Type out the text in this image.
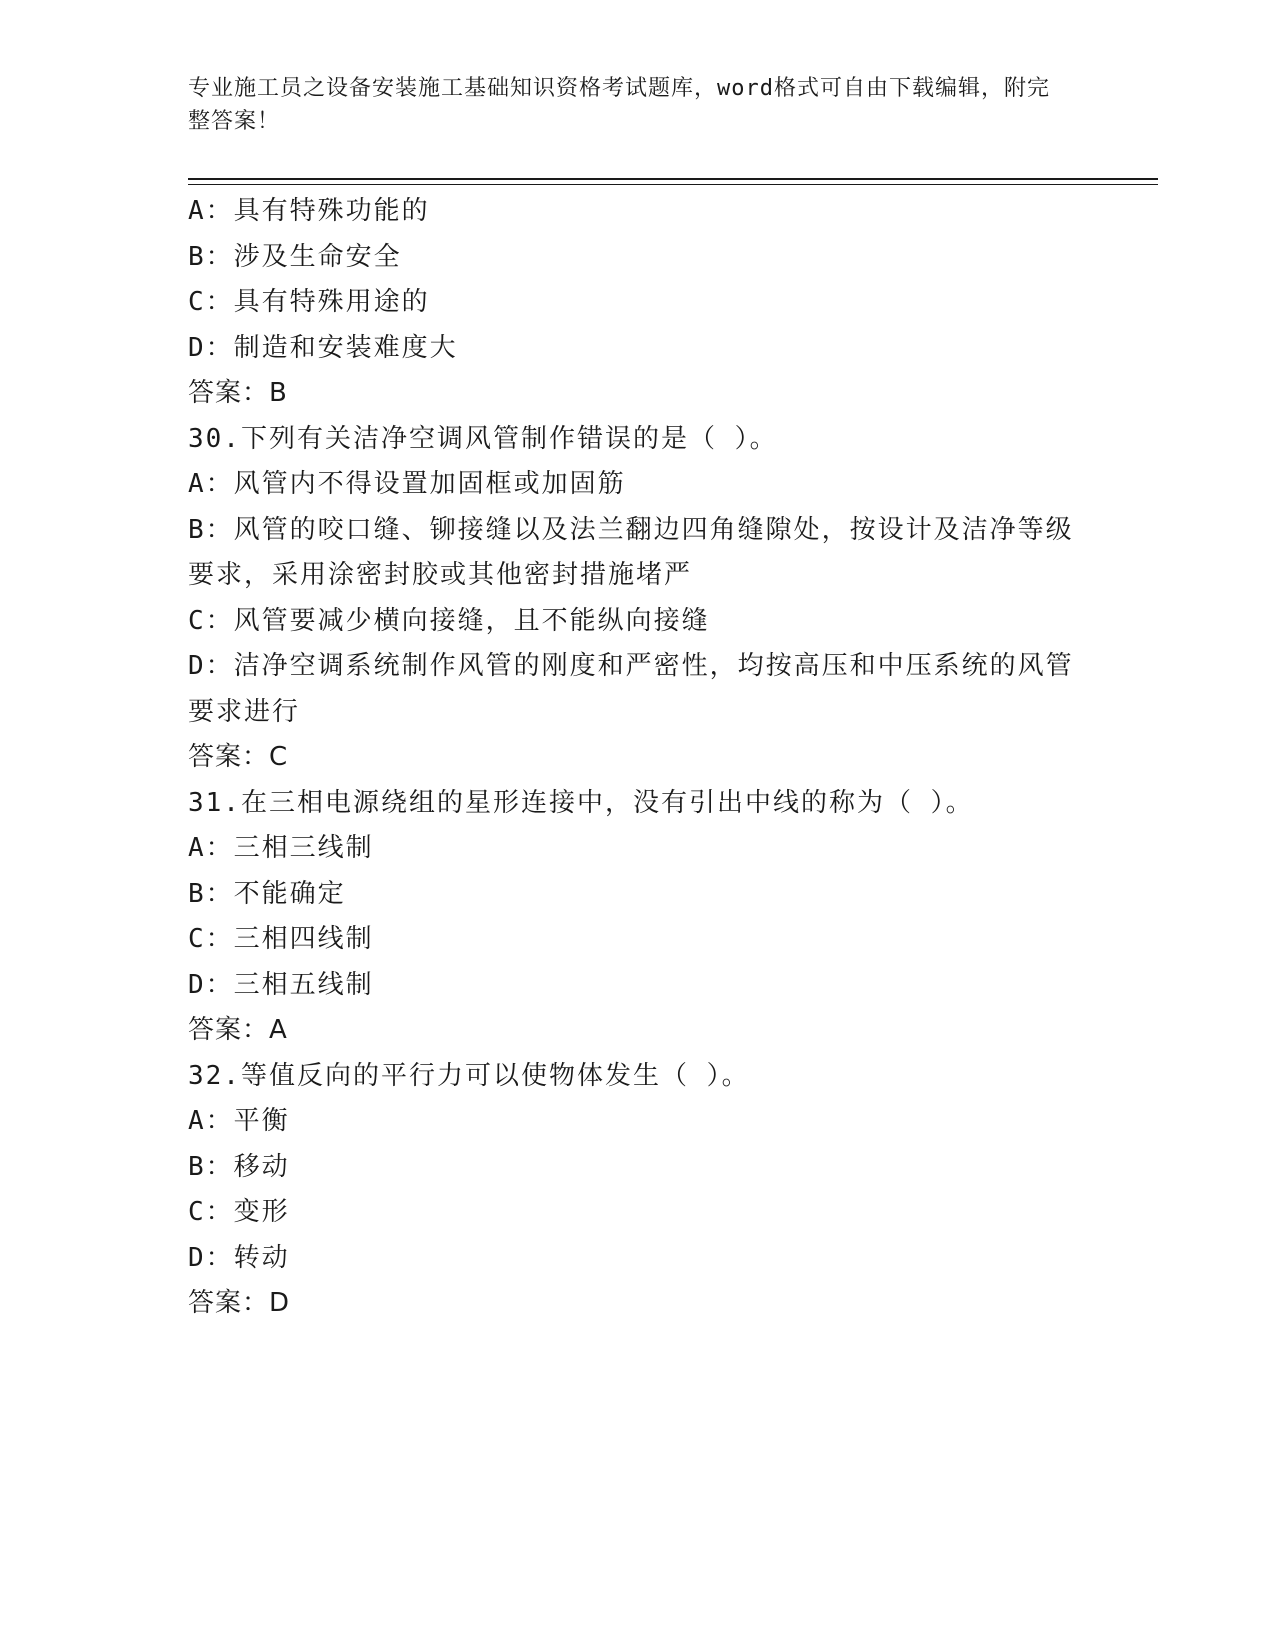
专业施工员之设备安装施工基础知识资格考试题库，word格式可自由下载编辑，附完整答案！
A：具有特殊功能的
B：涉及生命安全
C：具有特殊用途的
D：制造和安装难度大
答案：B
30.下列有关洁净空调风管制作错误的是（ ）。
A：风管内不得设置加固框或加固筋
B：风管的咬口缝、铆接缝以及法兰翻边四角缝隙处，按设计及洁净等级要求，采用涂密封胶或其他密封措施堵严
C：风管要减少横向接缝，且不能纵向接缝
D：洁净空调系统制作风管的刚度和严密性，均按高压和中压系统的风管要求进行
答案：C
31.在三相电源绕组的星形连接中，没有引出中线的称为（ ）。
A：三相三线制
B：不能确定
C：三相四线制
D：三相五线制
答案：A
32.等值反向的平行力可以使物体发生（ ）。
A：平衡
B：移动
C：变形
D：转动
答案：D
